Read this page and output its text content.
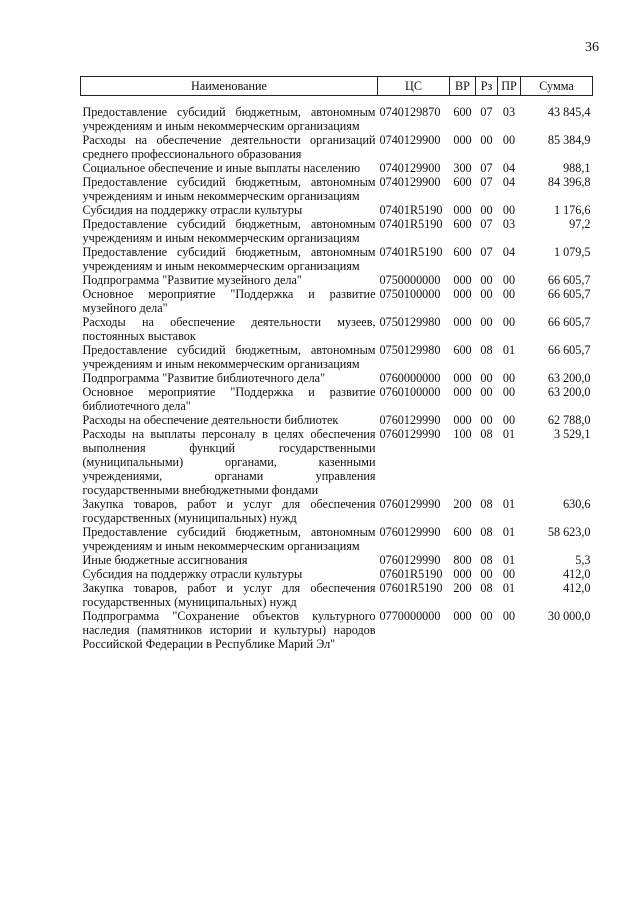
36
Наименование	ЦС	ВР	Рз	ПР	Сумма
Предоставление субсидий бюджетным, автономным учреждениям и иным некоммерческим организациям	0740129870	600	07	03	43 845,4
Расходы на обеспечение деятельности организаций среднего профессионального образования	0740129900	000	00	00	85 384,9
Социальное обеспечение и иные выплаты населению	0740129900	300	07	04	988,1
Предоставление субсидий бюджетным, автономным учреждениям и иным некоммерческим организациям	0740129900	600	07	04	84 396,8
Субсидия на поддержку отрасли культуры	07401R5190	000	00	00	1 176,6
Предоставление субсидий бюджетным, автономным учреждениям и иным некоммерческим организациям	07401R5190	600	07	03	97,2
Предоставление субсидий бюджетным, автономным учреждениям и иным некоммерческим организациям	07401R5190	600	07	04	1 079,5
Подпрограмма "Развитие музейного дела"	0750000000	000	00	00	66 605,7
Основное мероприятие "Поддержка и развитие музейного дела"	0750100000	000	00	00	66 605,7
Расходы на обеспечение деятельности музеев, постоянных выставок	0750129980	000	00	00	66 605,7
Предоставление субсидий бюджетным, автономным учреждениям и иным некоммерческим организациям	0750129980	600	08	01	66 605,7
Подпрограмма "Развитие библиотечного дела"	0760000000	000	00	00	63 200,0
Основное мероприятие "Поддержка и развитие библиотечного дела"	0760100000	000	00	00	63 200,0
Расходы на обеспечение деятельности библиотек	0760129990	000	00	00	62 788,0
Расходы на выплаты персоналу в целях обеспечения выполнения функций государственными (муниципальными) органами, казенными учреждениями, органами управления государственными внебюджетными фондами	0760129990	100	08	01	3 529,1
Закупка товаров, работ и услуг для обеспечения государственных (муниципальных) нужд	0760129990	200	08	01	630,6
Предоставление субсидий бюджетным, автономным учреждениям и иным некоммерческим организациям	0760129990	600	08	01	58 623,0
Иные бюджетные ассигнования	0760129990	800	08	01	5,3
Субсидия на поддержку отрасли культуры	07601R5190	000	00	00	412,0
Закупка товаров, работ и услуг для обеспечения государственных (муниципальных) нужд	07601R5190	200	08	01	412,0
Подпрограмма "Сохранение объектов культурного наследия (памятников истории и культуры) народов Российской Федерации в Республике Марий Эл"	0770000000	000	00	00	30 000,0
